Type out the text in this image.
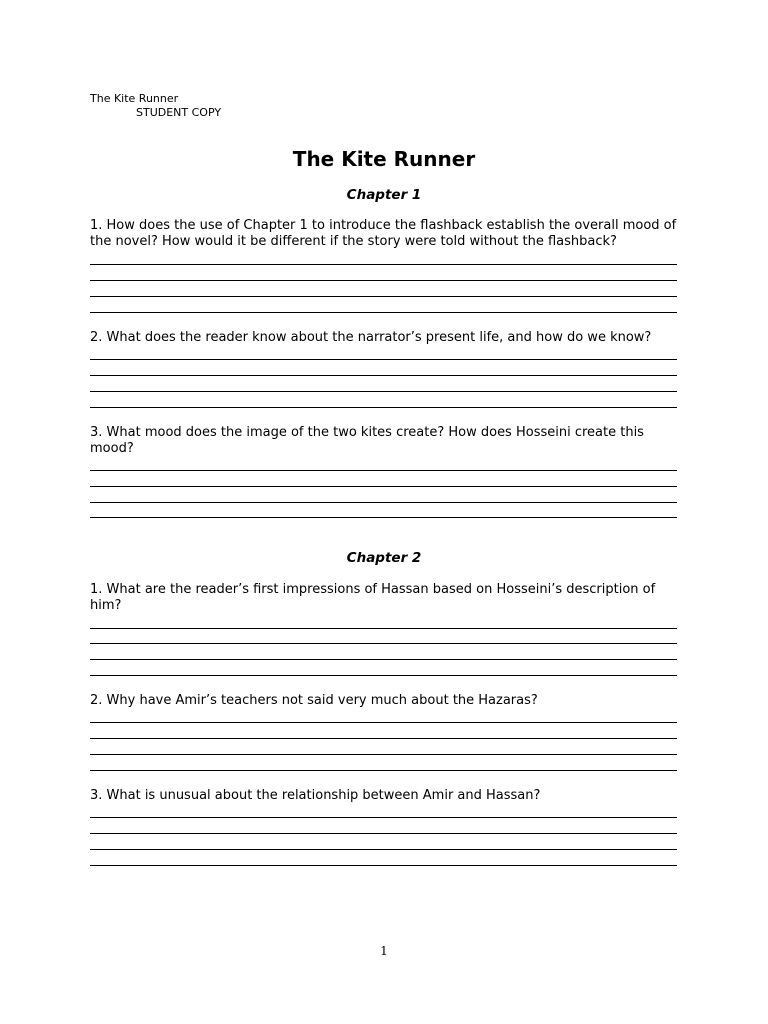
The Kite Runner
STUDENT COPY
The Kite Runner
Chapter 1
1. How does the use of Chapter 1 to introduce the flashback establish the overall mood of the novel? How would it be different if the story were told without the flashback?
2. What does the reader know about the narrator’s present life, and how do we know?
3. What mood does the image of the two kites create? How does Hosseini create this mood?
Chapter 2
1. What are the reader’s first impressions of Hassan based on Hosseini’s description of him?
2. Why have Amir’s teachers not said very much about the Hazaras?
3. What is unusual about the relationship between Amir and Hassan?
1
